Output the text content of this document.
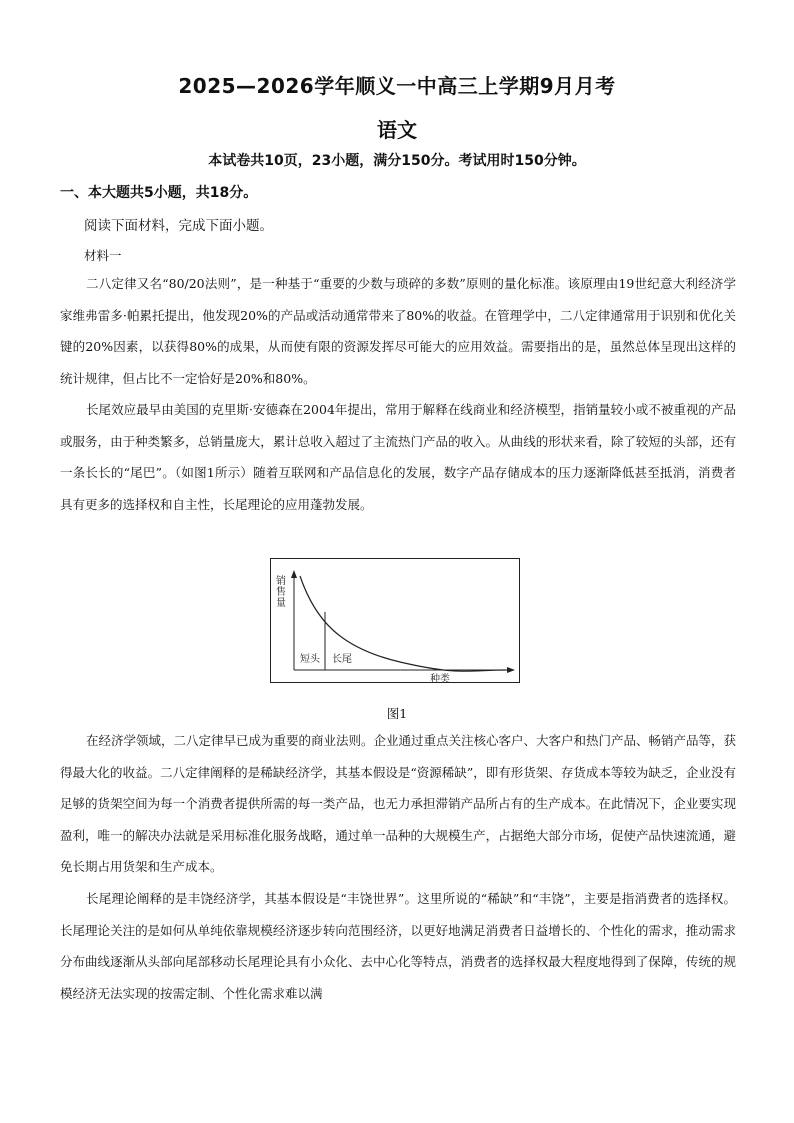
2025—2026学年顺义一中高三上学期9月月考
语文
本试卷共10页，23小题，满分150分。考试用时150分钟。
一、本大题共5小题，共18分。
阅读下面材料，完成下面小题。
材料一

二八定律又名“80/20法则”，是一种基于“重要的少数与琐碎的多数”原则的量化标准。该原理由19世纪意大利经济学家维弗雷多·帕累托提出，他发现20%的产品或活动通常带来了80%的收益。在管理学中，二八定律通常用于识别和优化关键的20%因素，以获得80%的成果，从而使有限的资源发挥尽可能大的应用效益。需要指出的是，虽然总体呈现出这样的统计规律，但占比不一定恰好是20%和80%。

长尾效应最早由美国的克里斯·安德森在2004年提出，常用于解释在线商业和经济模型，指销量较小或不被重视的产品或服务，由于种类繁多，总销量庞大，累计总收入超过了主流热门产品的收入。从曲线的形状来看，除了较短的头部，还有一条长长的“尾巴”。（如图1所示）随着互联网和产品信息化的发展，数字产品存储成本的压力逐渐降低甚至抵消，消费者具有更多的选择权和自主性，长尾理论的应用蓬勃发展。

销 售 量
短头 长尾
种类
图1

在经济学领域，二八定律早已成为重要的商业法则。企业通过重点关注核心客户、大客户和热门产品、畅销产品等，获得最大化的收益。二八定律阐释的是稀缺经济学，其基本假设是“资源稀缺”，即有形货架、存货成本等较为缺乏，企业没有足够的货架空间为每一个消费者提供所需的每一类产品，也无力承担滞销产品所占有的生产成本。在此情况下，企业要实现盈利，唯一的解决办法就是采用标准化服务战略，通过单一品种的大规模生产，占据绝大部分市场，促使产品快速流通，避免长期占用货架和生产成本。

长尾理论阐释的是丰饶经济学，其基本假设是“丰饶世界”。这里所说的“稀缺”和“丰饶”，主要是指消费者的选择权。长尾理论关注的是如何从单纯依靠规模经济逐步转向范围经济，以更好地满足消费者日益增长的、个性化的需求，推动需求分布曲线逐渐从头部向尾部移动长尾理论具有小众化、去中心化等特点，消费者的选择权最大程度地得到了保障，传统的规模经济无法实现的按需定制、个性化需求难以满
